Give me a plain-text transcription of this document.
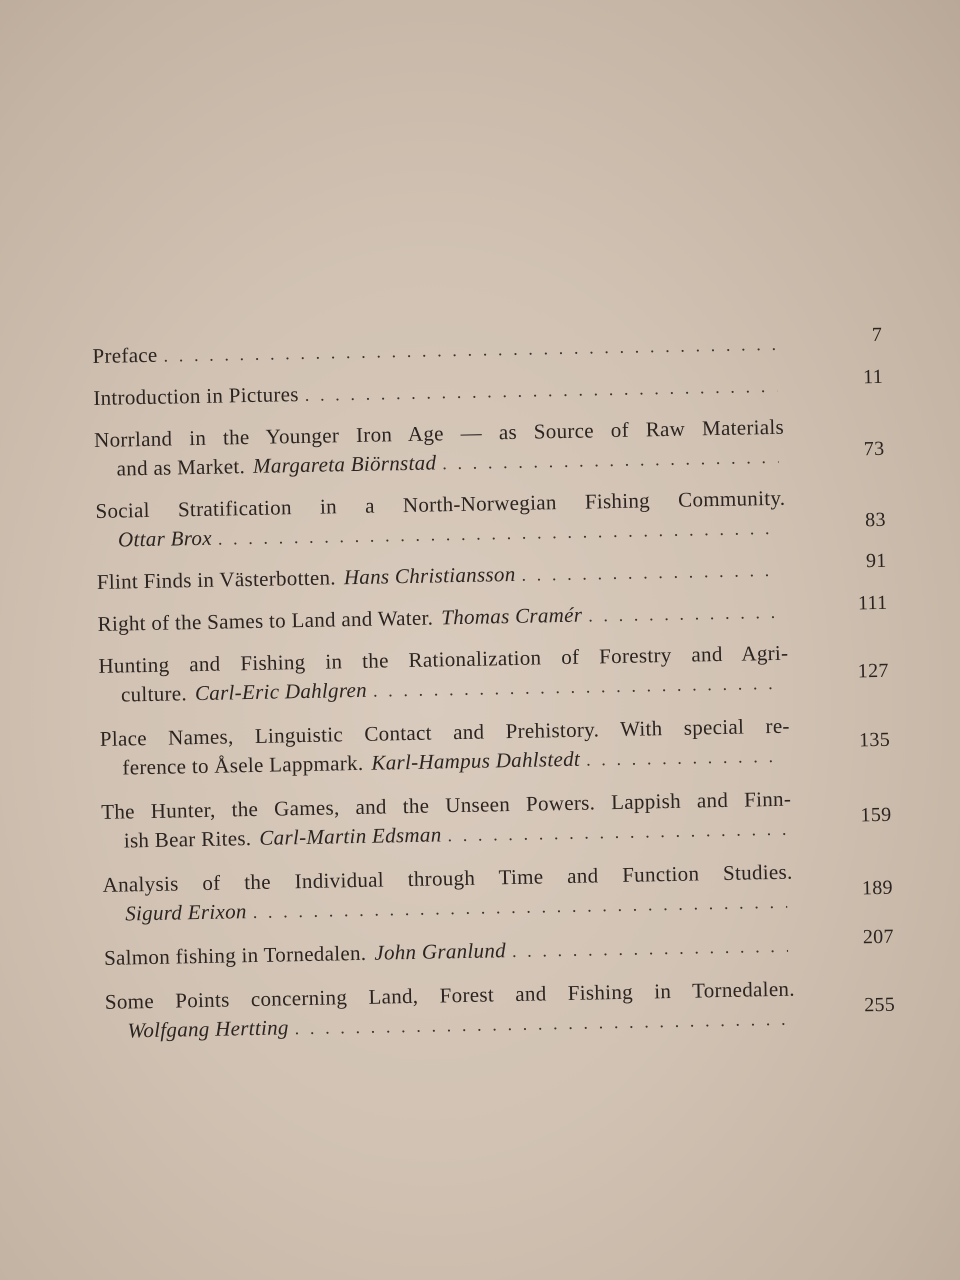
Preface
. . .
7
Introduction in Pictures
. . .
11
Norrland in the Younger Iron Age — as Source of Raw Materials
and as Market. Margareta Biörnstad
. . .
73
Social Stratification in a North-Norwegian Fishing Community.
Ottar Brox
. . .
83
Flint Finds in Västerbotten. Hans Christiansson
. . .
91
Right of the Sames to Land and Water. Thomas Cramér
. . .	111
Hunting and Fishing in the Rationalization of Forestry and Agri-
culture. Carl-Eric Dahlgren
. . .
127
Place Names, Linguistic Contact and Prehistory. With special re-
ference to Åsele Lappmark. Karl-Hampus Dahlstedt
. . .
135
The Hunter, the Games, and the Unseen Powers. Lappish and Finn-
ish Bear Rites. Carl-Martin Edsman
. . .
159
Analysis of the Individual through Time and Function Studies.
Sigurd Erixon
. . .
189
Salmon fishing in Tornedalen. John Granlund
. . .
207
Some Points concerning Land, Forest and Fishing in Tornedalen.
Wolfgang Hertting
. . .
255
